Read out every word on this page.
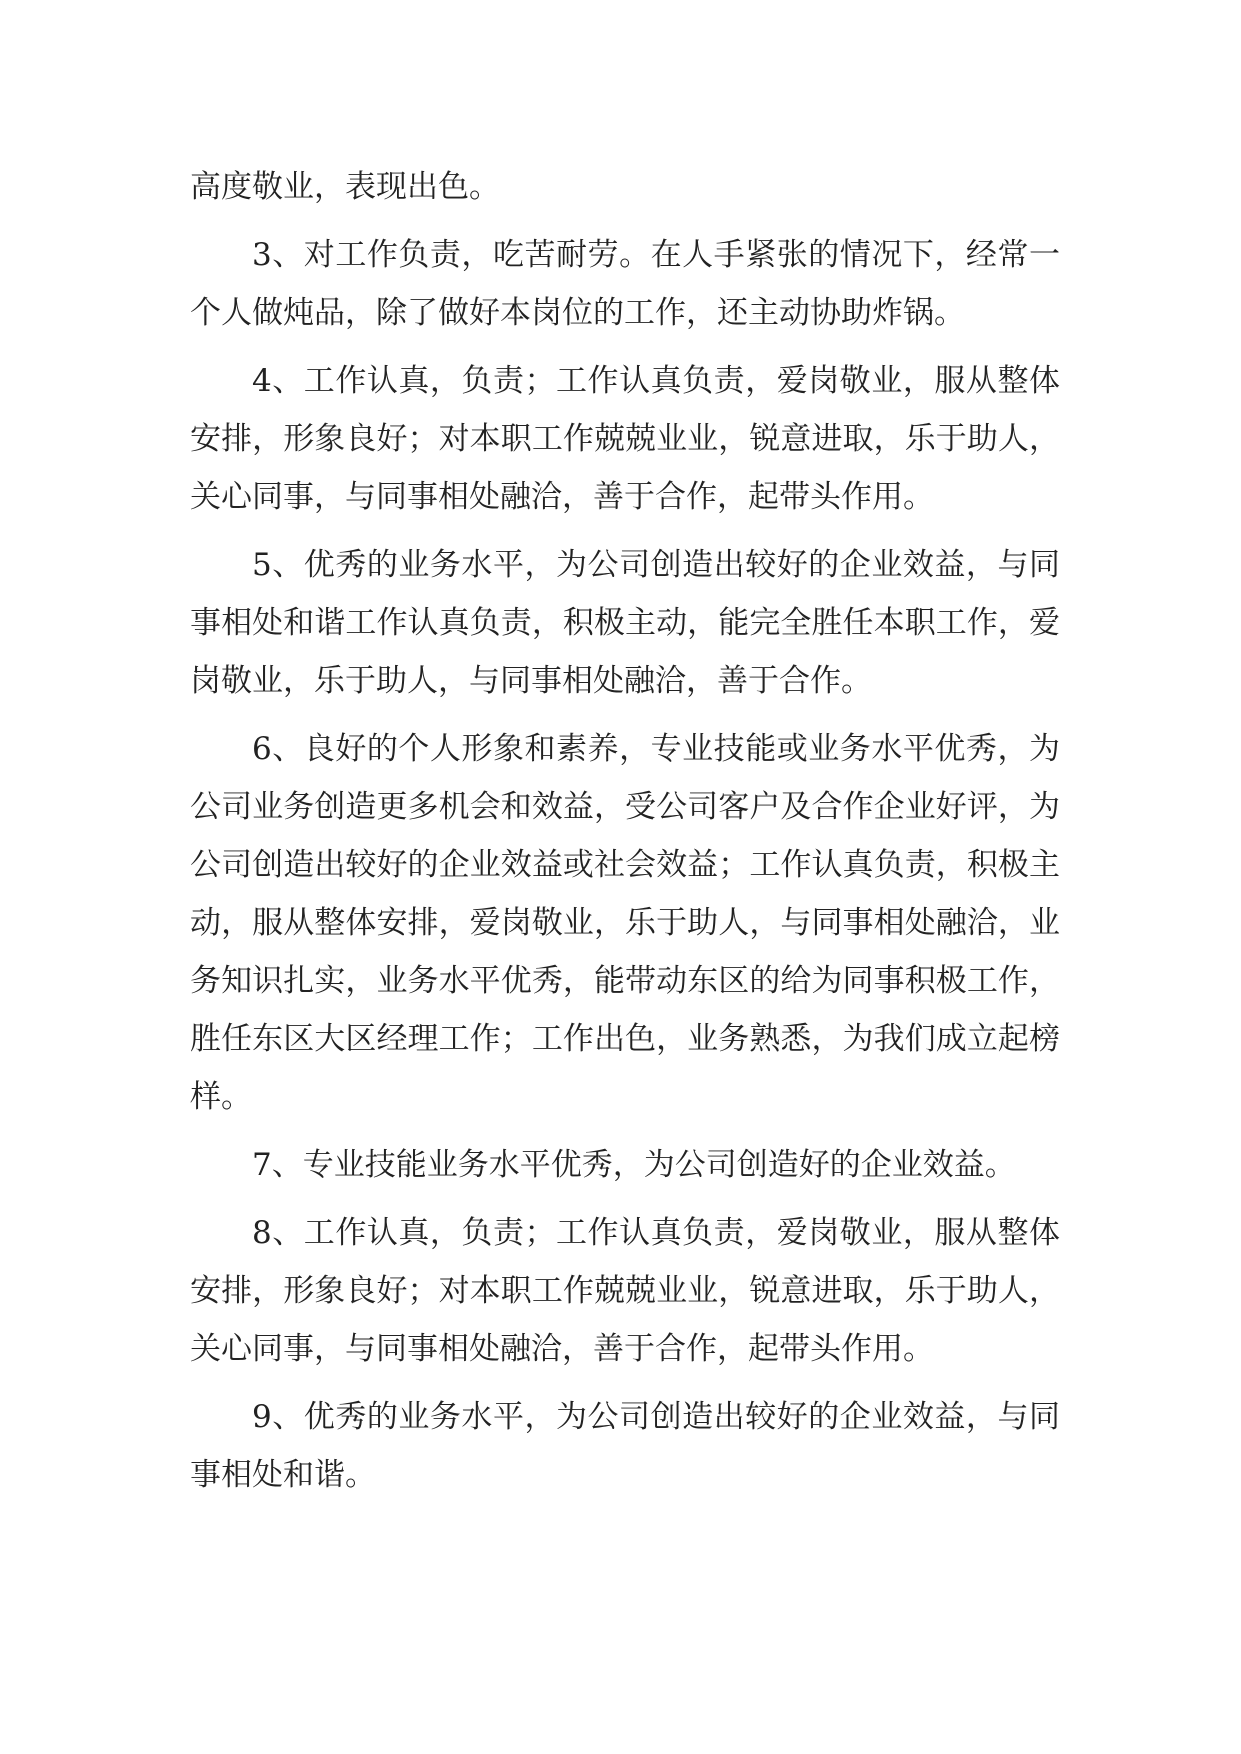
高度敬业，表现出色。

3、对工作负责，吃苦耐劳。在人手紧张的情况下，经常一个人做炖品，除了做好本岗位的工作，还主动协助炸锅。

4、工作认真，负责；工作认真负责，爱岗敬业，服从整体安排，形象良好；对本职工作兢兢业业，锐意进取，乐于助人，关心同事，与同事相处融洽，善于合作，起带头作用。

5、优秀的业务水平，为公司创造出较好的企业效益，与同事相处和谐工作认真负责，积极主动，能完全胜任本职工作，爱岗敬业，乐于助人，与同事相处融洽，善于合作。

6、良好的个人形象和素养，专业技能或业务水平优秀，为公司业务创造更多机会和效益，受公司客户及合作企业好评，为公司创造出较好的企业效益或社会效益；工作认真负责，积极主动，服从整体安排，爱岗敬业，乐于助人，与同事相处融洽，业务知识扎实，业务水平优秀，能带动东区的给为同事积极工作，胜任东区大区经理工作；工作出色，业务熟悉，为我们成立起榜样。

7、专业技能业务水平优秀，为公司创造好的企业效益。

8、工作认真，负责；工作认真负责，爱岗敬业，服从整体安排，形象良好；对本职工作兢兢业业，锐意进取，乐于助人，关心同事，与同事相处融洽，善于合作，起带头作用。

9、优秀的业务水平，为公司创造出较好的企业效益，与同事相处和谐。
